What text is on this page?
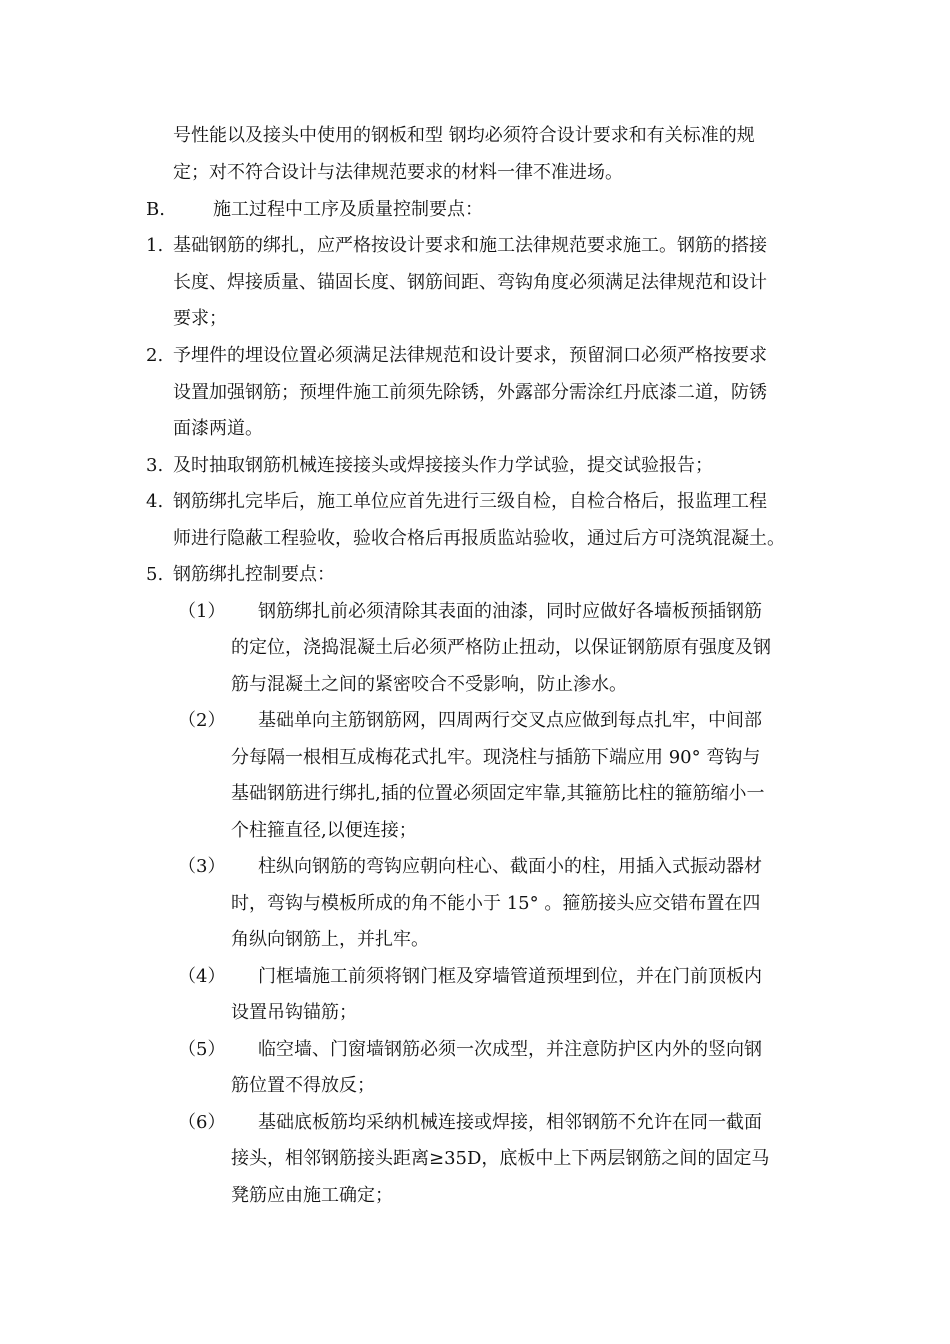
号性能以及接头中使用的钢板和型 钢均必须符合设计要求和有关标准的规
定；对不符合设计与法律规范要求的材料一律不准进场。
B.	施工过程中工序及质量控制要点：
1. 基础钢筋的绑扎，应严格按设计要求和施工法律规范要求施工。钢筋的搭接
长度、焊接质量、锚固长度、钢筋间距、弯钩角度必须满足法律规范和设计
要求；
2. 予埋件的埋设位置必须满足法律规范和设计要求，预留洞口必须严格按要求
设置加强钢筋；预埋件施工前须先除锈，外露部分需涂红丹底漆二道，防锈
面漆两道。
3. 及时抽取钢筋机械连接接头或焊接接头作力学试验，提交试验报告；
4. 钢筋绑扎完毕后，施工单位应首先进行三级自检，自检合格后，报监理工程
师进行隐蔽工程验收，验收合格后再报质监站验收，通过后方可浇筑混凝土。
5. 钢筋绑扎控制要点：
（1） 钢筋绑扎前必须清除其表面的油漆，同时应做好各墙板预插钢筋
的定位，浇捣混凝土后必须严格防止扭动，以保证钢筋原有强度及钢
筋与混凝土之间的紧密咬合不受影响，防止渗水。
（2） 基础单向主筋钢筋网，四周两行交叉点应做到每点扎牢，中间部
分每隔一根相互成梅花式扎牢。现浇柱与插筋下端应用 90° 弯钩与
基础钢筋进行绑扎,插的位置必须固定牢靠,其箍筋比柱的箍筋缩小一
个柱箍直径,以便连接；
（3） 柱纵向钢筋的弯钩应朝向柱心、截面小的柱，用插入式振动器材
时，弯钩与模板所成的角不能小于 15° 。箍筋接头应交错布置在四
角纵向钢筋上，并扎牢。
（4） 门框墙施工前须将钢门框及穿墙管道预埋到位，并在门前顶板内
设置吊钩锚筋；
（5） 临空墙、门窗墙钢筋必须一次成型，并注意防护区内外的竖向钢
筋位置不得放反；
（6） 基础底板筋均采纳机械连接或焊接，相邻钢筋不允许在同一截面
接头，相邻钢筋接头距离≥35D，底板中上下两层钢筋之间的固定马
凳筋应由施工确定；
